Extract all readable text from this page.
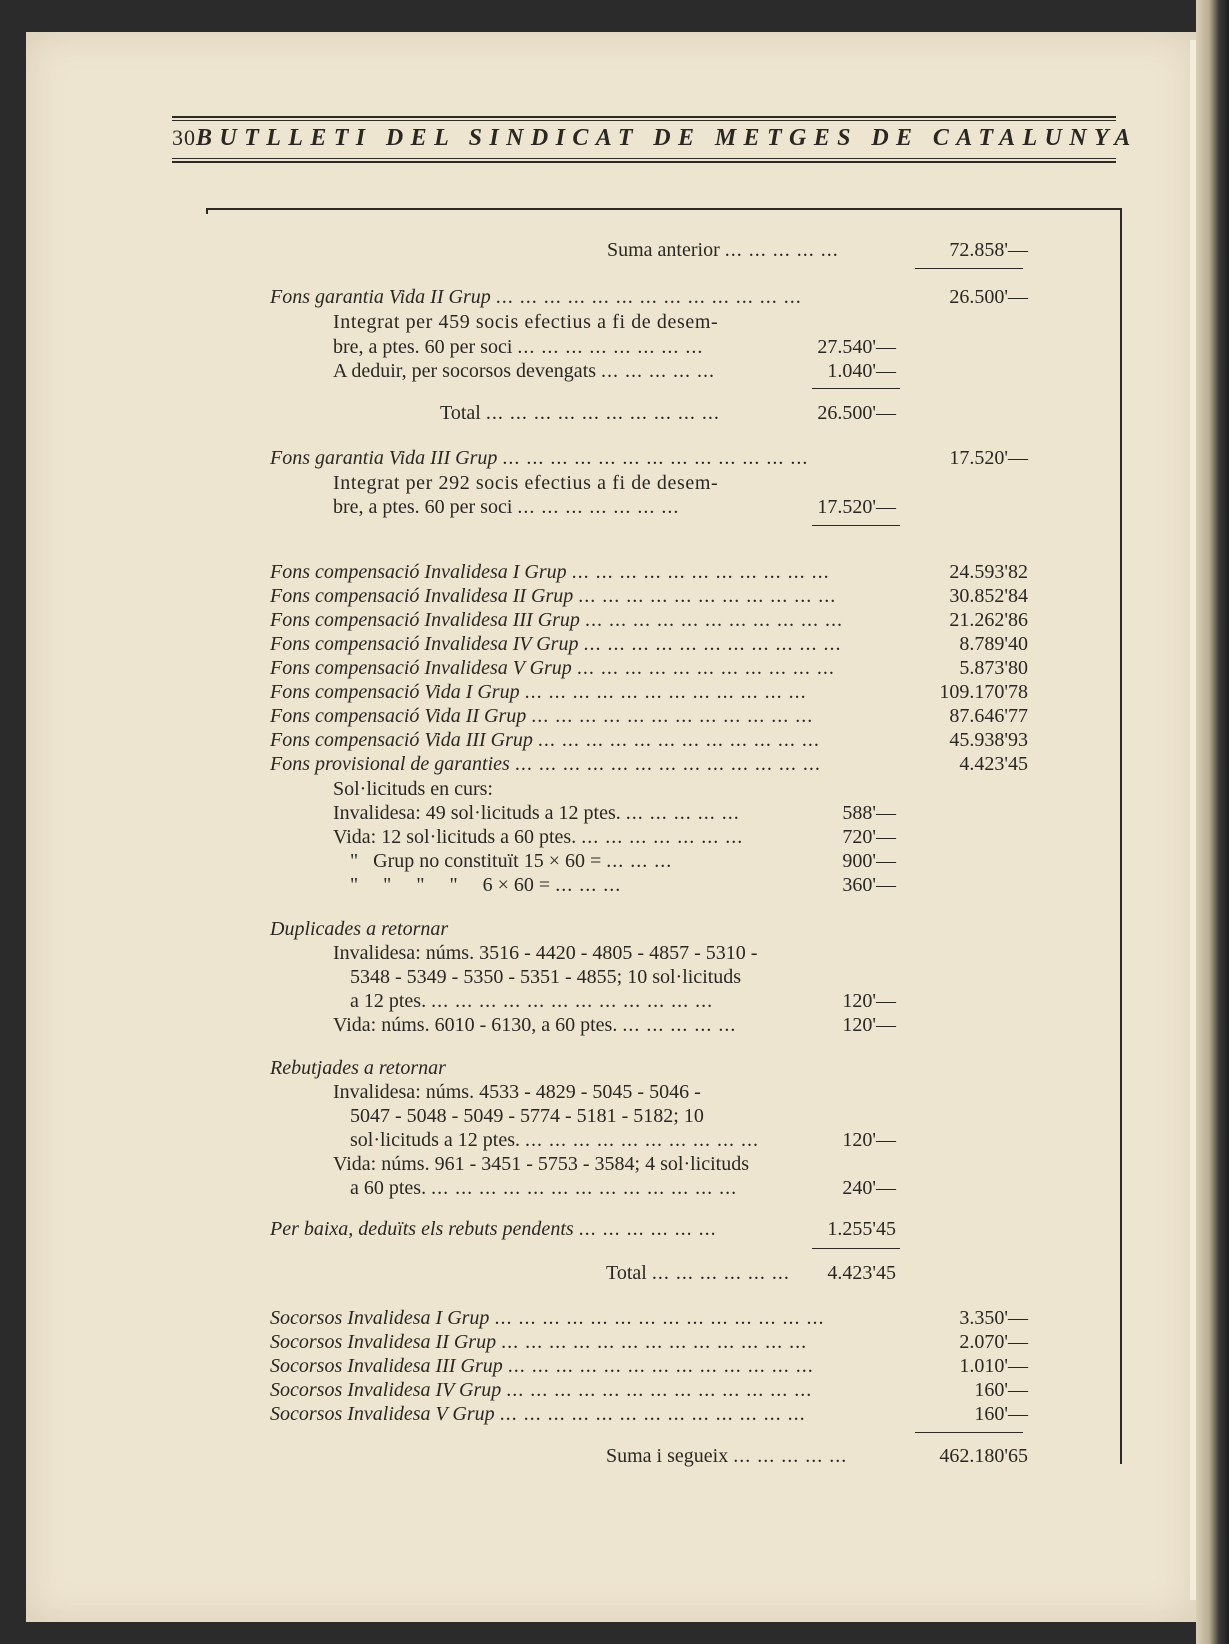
30 BUTLLETI DEL SINDICAT DE METGES DE CATALUNYA
Suma anterior ... ... ... ... ...	72.858'—
Fons garantia Vida II Grup ... ... ... ... ... ... ... ... ... ... ... ... ...	26.500'—
Integrat per 459 socis efectius a fi de desem-
bre, a ptes. 60 per soci ... ... ... ... ... ... ... ...	27.540'—
A deduir, per socorsos devengats ... ... ... ... ...	1.040'—
Total ... ... ... ... ... ... ... ... ... ...	26.500'—
Fons garantia Vida III Grup ... ... ... ... ... ... ... ... ... ... ... ... ...	17.520'—
Integrat per 292 socis efectius a fi de desem-
bre, a ptes. 60 per soci ... ... ... ... ... ... ...	17.520'—
Fons compensació Invalidesa I Grup ... ... ... ... ... ... ... ... ... ... ...	24.593'82
Fons compensació Invalidesa II Grup ... ... ... ... ... ... ... ... ... ... ...	30.852'84
Fons compensació Invalidesa III Grup ... ... ... ... ... ... ... ... ... ... ...	21.262'86
Fons compensació Invalidesa IV Grup ... ... ... ... ... ... ... ... ... ... ...	8.789'40
Fons compensació Invalidesa V Grup ... ... ... ... ... ... ... ... ... ... ...	5.873'80
Fons compensació Vida I Grup ... ... ... ... ... ... ... ... ... ... ... ...	109.170'78
Fons compensació Vida II Grup ... ... ... ... ... ... ... ... ... ... ... ...	87.646'77
Fons compensació Vida III Grup ... ... ... ... ... ... ... ... ... ... ... ...	45.938'93
Fons provisional de garanties ... ... ... ... ... ... ... ... ... ... ... ... ...	4.423'45
Sol·licituds en curs:
Invalidesa: 49 sol·licituds a 12 ptes. ... ... ... ... ...	588'—
Vida: 12 sol·licituds a 60 ptes. ... ... ... ... ... ... ...	720'—
"   Grup no constituït 15 × 60 = ... ... ...	900'—
"     "     "     "     6 × 60 = ... ... ...	360'—
Duplicades a retornar
Invalidesa: núms. 3516 - 4420 - 4805 - 4857 - 5310 -
5348 - 5349 - 5350 - 5351 - 4855; 10 sol·licituds
a 12 ptes. ... ... ... ... ... ... ... ... ... ... ... ...	120'—
Vida: núms. 6010 - 6130, a 60 ptes. ... ... ... ... ...	120'—
Rebutjades a retornar
Invalidesa: núms. 4533 - 4829 - 5045 - 5046 -
5047 - 5048 - 5049 - 5774 - 5181 - 5182; 10
sol·licituds a 12 ptes. ... ... ... ... ... ... ... ... ... ...	120'—
Vida: núms. 961 - 3451 - 5753 - 3584; 4 sol·licituds
a 60 ptes. ... ... ... ... ... ... ... ... ... ... ... ... ...	240'—
Per baixa, deduïts els rebuts pendents ... ... ... ... ... ...	1.255'45
Total ... ... ... ... ... ...	4.423'45
Socorsos Invalidesa I Grup ... ... ... ... ... ... ... ... ... ... ... ... ... ...	3.350'—
Socorsos Invalidesa II Grup ... ... ... ... ... ... ... ... ... ... ... ... ...	2.070'—
Socorsos Invalidesa III Grup ... ... ... ... ... ... ... ... ... ... ... ... ...	1.010'—
Socorsos Invalidesa IV Grup ... ... ... ... ... ... ... ... ... ... ... ... ...	160'—
Socorsos Invalidesa V Grup ... ... ... ... ... ... ... ... ... ... ... ... ...	160'—
Suma i segueix ... ... ... ... ...	462.180'65
